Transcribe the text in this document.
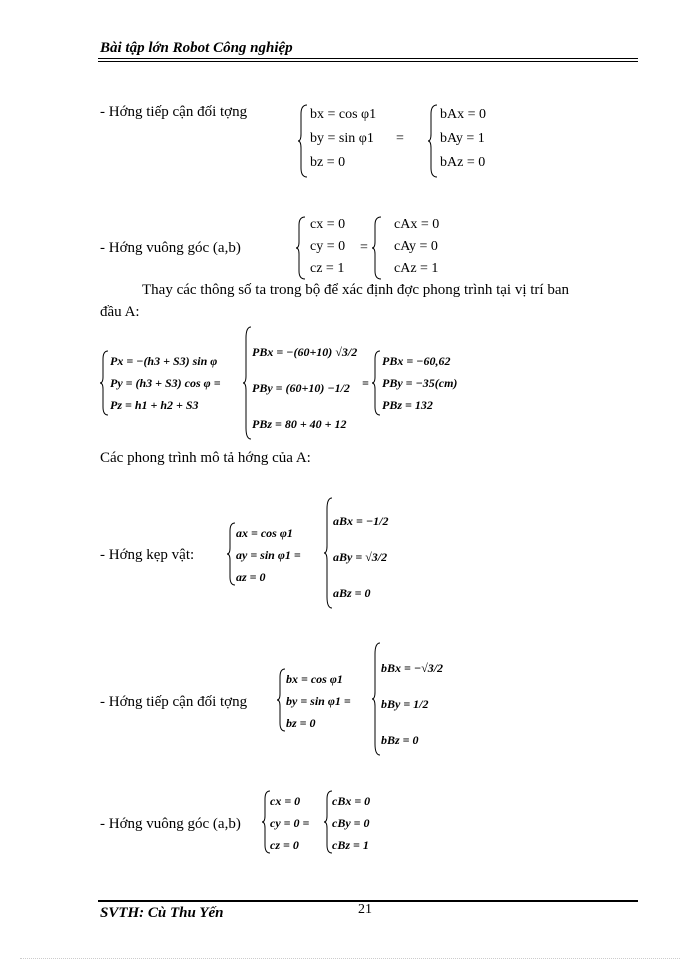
Bài tập lớn Robot Công nghiệp
- Hớng tiếp cận đối tợng	bx = cos φ1
by = sin φ1
bz = 0
=
bAx = 0
bAy = 1
bAz = 0
- Hớng vuông góc (a,b)
cx = 0
cy = 0
cz = 1
=
cAx = 0
cAy = 0
cAz = 1
Thay các thông số ta trong bộ để xác định đợc phong trình tại vị trí ban
đầu A:
Px = −(h3 + S3) sin φ
Py = (h3 + S3) cos φ =
Pz = h1 + h2 + S3
PBx = −(60+10) √3/2
PBy = (60+10) −1/2
PBz = 80 + 40 + 12
=
PBx = −60,62
PBy = −35(cm)
PBz = 132
Các phong trình mô tả hớng của A:
- Hớng kẹp vật:
ax = cos φ1
ay = sin φ1 =
az = 0
aBx = −1/2
aBy = √3/2
aBz = 0
- Hớng tiếp cận đối tợng
bx = cos φ1
by = sin φ1 =
bz = 0
bBx = −√3/2
bBy = 1/2
bBz = 0
- Hớng vuông góc (a,b)
cx = 0
cy = 0 =
cz = 0
cBx = 0
cBy = 0
cBz = 1
SVTH: Cù Thu Yến	21
